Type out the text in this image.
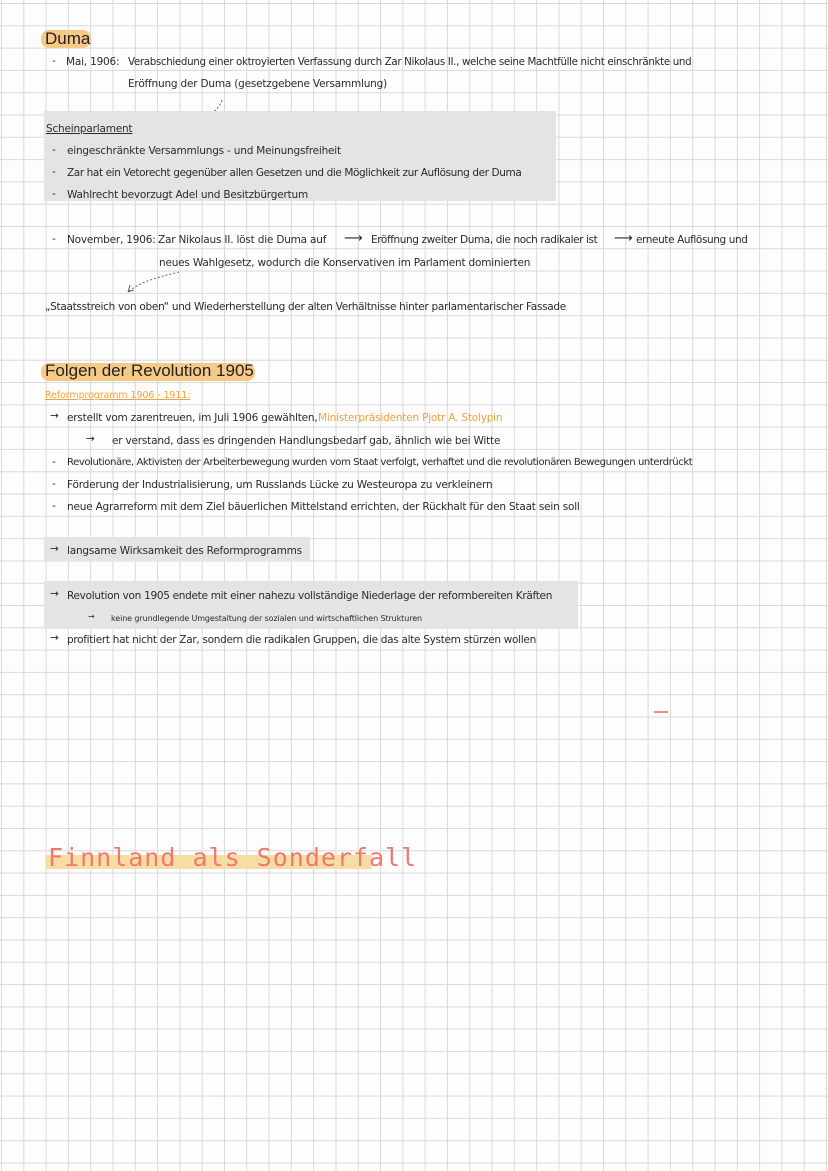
Duma
- Mai, 1906: Verabschiedung einer oktroyierten Verfassung durch Zar Nikolaus II., welche seine Machtfülle nicht einschränkte und
Eröffnung der Duma (gesetzgebene Versammlung)
Scheinparlament
- eingeschränkte Versammlungs - und Meinungsfreiheit
- Zar hat ein Vetorecht gegenüber allen Gesetzen und die Möglichkeit zur Auflösung der Duma
- Wahlrecht bevorzugt Adel und Besitzbürgertum
- November, 1906: Zar Nikolaus II. löst die Duma auf ⟶ Eröffnung zweiter Duma, die noch radikaler ist ⟶ erneute Auflösung und
neues Wahlgesetz, wodurch die Konservativen im Parlament dominierten
„Staatsstreich von oben“ und Wiederherstellung der alten Verhältnisse hinter parlamentarischer Fassade
Folgen der Revolution 1905
Reformprogramm 1906 - 1911:
→ erstellt vom zarentreuen, im Juli 1906 gewählten, Ministerpräsidenten Pjotr A. Stolypin
→ er verstand, dass es dringenden Handlungsbedarf gab, ähnlich wie bei Witte
- Revolutionäre, Aktivisten der Arbeiterbewegung wurden vom Staat verfolgt, verhaftet und die revolutionären Bewegungen unterdrückt
- Förderung der Industrialisierung, um Russlands Lücke zu Westeuropa zu verkleinern
- neue Agrarreform mit dem Ziel bäuerlichen Mittelstand errichten, der Rückhalt für den Staat sein soll
→ langsame Wirksamkeit des Reformprogramms
→ Revolution von 1905 endete mit einer nahezu vollständige Niederlage der reformbereiten Kräften
→ keine grundlegende Umgestaltung der sozialen und wirtschaftlichen Strukturen
→ profitiert hat nicht der Zar, sondern die radikalen Gruppen, die das alte System stürzen wollen
Finnland als Sonderfall
